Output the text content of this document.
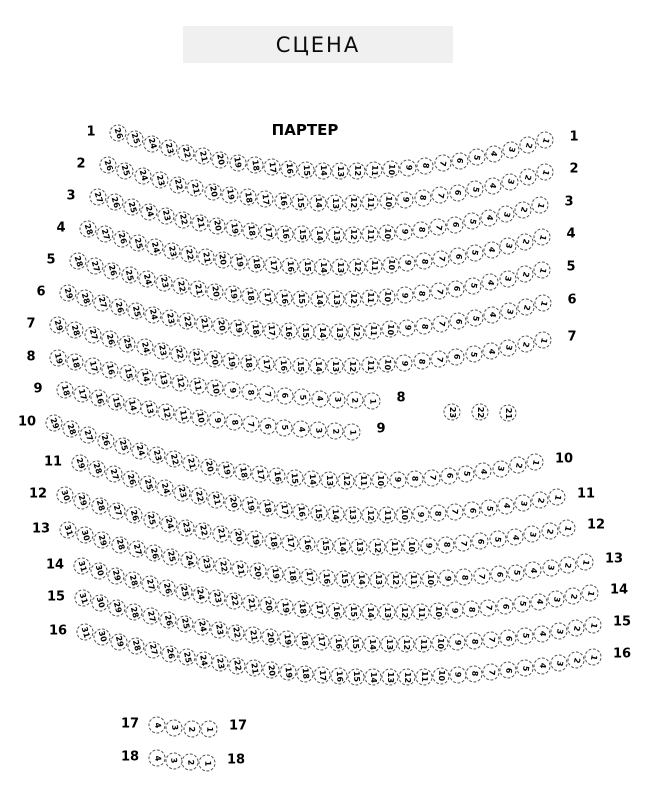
СЦЕНА
ПАРТЕР
26 25 24 23 22 21 20 19 18 17 16 15 14 13 12 11 10 9 8 7 6 5 4
3
2
1
1	1
26 25 24 23 22 21 20 19 18 17 16 15 14 13 12 11 10 9 8 7 6 5 4
3
2
1
2	2
27 26 25 24 23 22 21 20 19 18 17 16 15 14 13 12 11 10 9 8 7 6 5 4
3
2
1
3	3
28 27 26 25 24 23 22 21 20 19 18 17 16 15 14 13 12 11 10 9 8 7 6 5 4
3
2
1
4	4
28 27 26 25 24 23 22 21 20 19 18 17 16 15 14 13 12 11 10 9 8 7 6 5 4 3
2
1
5	5
29 28 27 26 25 24 23 22 21 20 19 18 17 16 15 14 13 12 11 10 9 8 7 6 5 4 3
2
1
6
6
29 28 27 26 25 24 23 22 21 20 19 18 17 16 15 14 13 12 11 10 9 8 7 6 5 4 3
2
1
7
7
19 18 17 16 15 14 13 12 11 10 9 8 7 6 5 4 3 2 1
8
8
18 17 16 15 14 13 12 11 10 9 8 7 6 5 4 3 2 1
9
9
29 28 27 26 25 24 23 22 21 20 19 18 17 16 15 14 13 12 11 10 9 8 7 6 5 4 3 2 1
10
10
29 28 27 26 25 24 23 22 21 20 19 18 17 16 15 14 13 12 11 10 9 8 7 6 5 4 3 2 1
11
11
30 29 28 27 26 25 24 23 22 21 20 19 18 17 16 15 14 13 12 11 10 9 8 7 6 5 4 3 2 1
12
12
31 30 29 28 27 26 25 24 23 22 21 20 19 18 17 16 15 14 13 12 11 10 9 8 7 6 5 4 3 2 1
13
13
31 30 29 28 27 26 25 24 23 22 21 20 19 18 17 16 15 14 13 12 11 10 9 8 7 6 5 4 3 2 1
14
14
31 30 29 28 27 26 25 24 23 22 21 20 19 18 17 16 15 14 13 12 11 10 9 8 7 6 5 4 3 2 1
15
15
31 30 29 28 27 26 25 24 23 22 21 20 19 18 17 16 15 14 13 12 11 10 9 8 7 6 5 4 3 2 1
16
16
4 3 2 1
17	17
4 3 2 1
18	18
23 22 21
